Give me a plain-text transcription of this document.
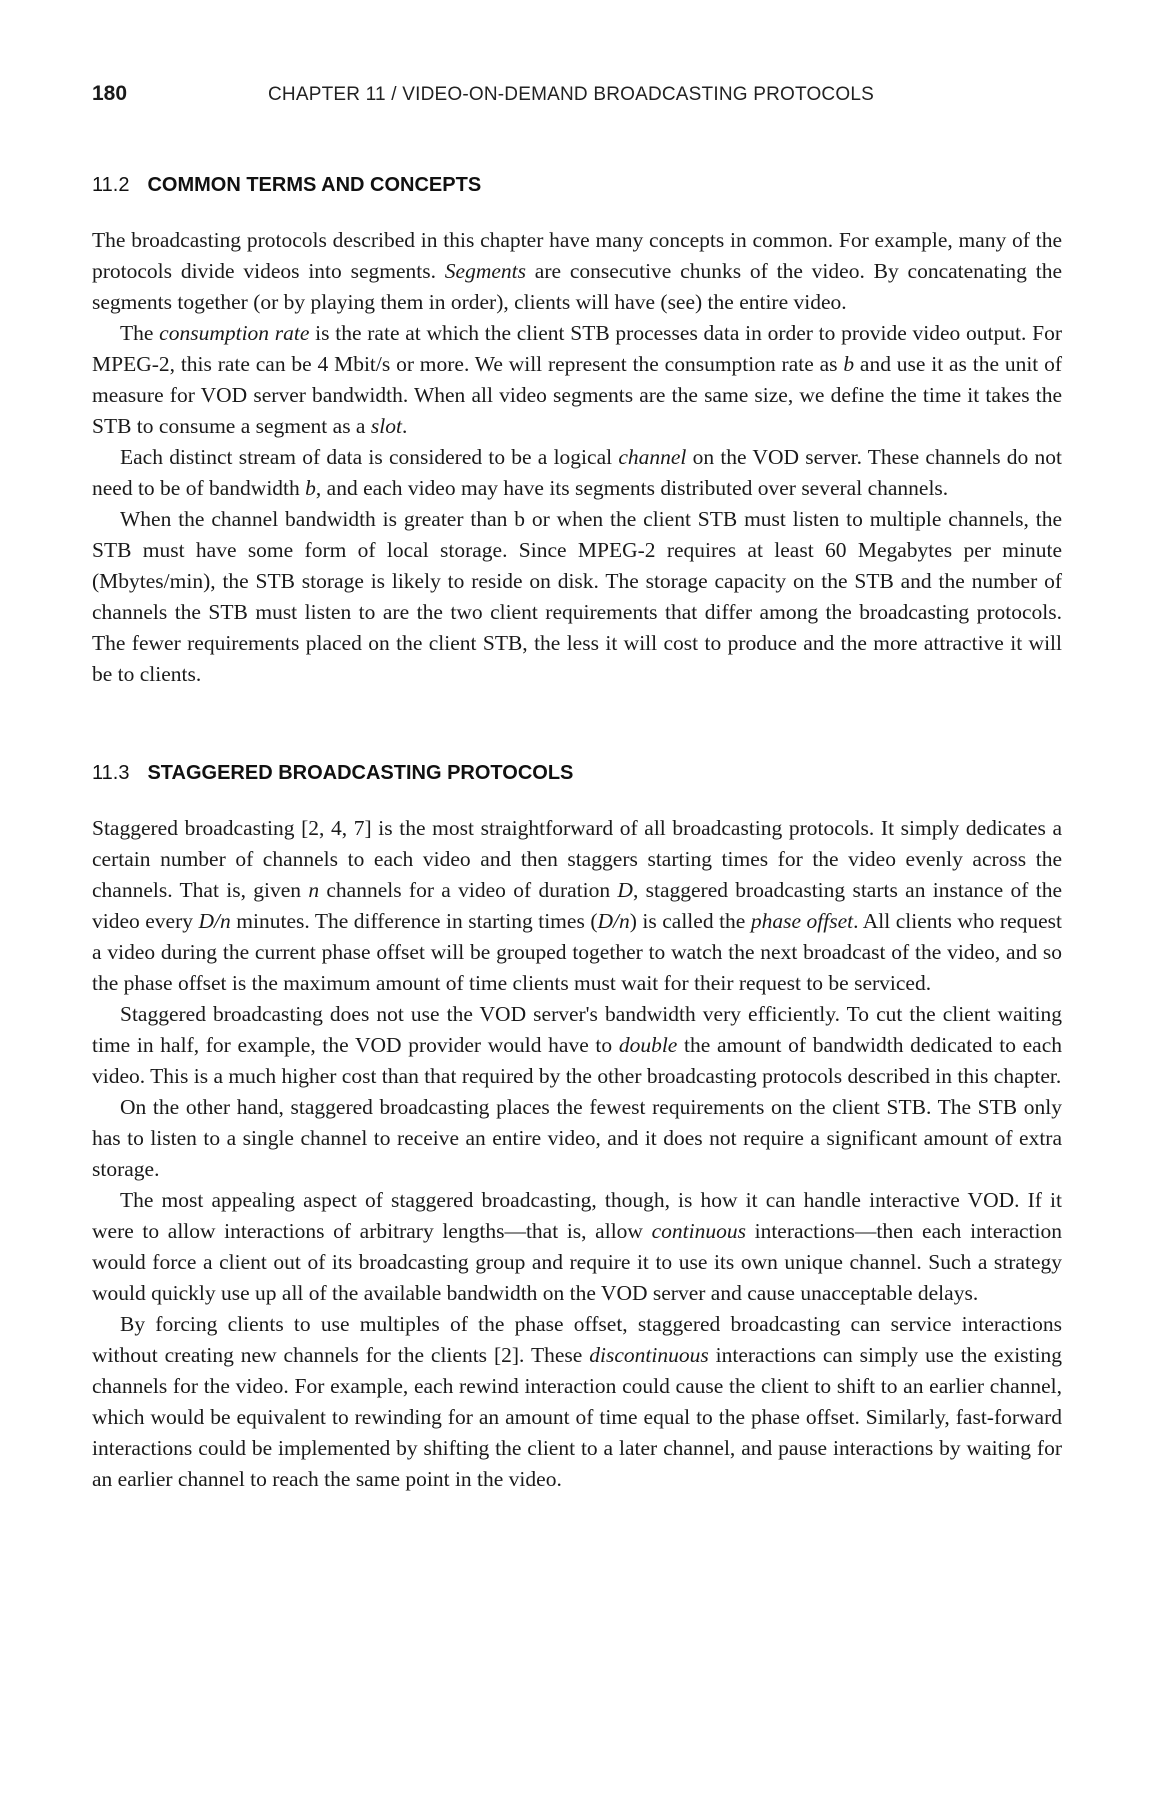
180	CHAPTER 11 / VIDEO-ON-DEMAND BROADCASTING PROTOCOLS
11.2 COMMON TERMS AND CONCEPTS

The broadcasting protocols described in this chapter have many concepts in common. For example, many of the protocols divide videos into segments. Segments are consecutive chunks of the video. By concatenating the segments together (or by playing them in order), clients will have (see) the entire video.

The consumption rate is the rate at which the client STB processes data in order to provide video output. For MPEG-2, this rate can be 4 Mbit/s or more. We will represent the consumption rate as b and use it as the unit of measure for VOD server bandwidth. When all video segments are the same size, we define the time it takes the STB to consume a segment as a slot.

Each distinct stream of data is considered to be a logical channel on the VOD server. These channels do not need to be of bandwidth b, and each video may have its segments distributed over several channels.

When the channel bandwidth is greater than b or when the client STB must listen to multiple channels, the STB must have some form of local storage. Since MPEG-2 requires at least 60 Megabytes per minute (Mbytes/min), the STB storage is likely to reside on disk. The storage capacity on the STB and the number of channels the STB must listen to are the two client requirements that differ among the broadcasting protocols. The fewer requirements placed on the client STB, the less it will cost to produce and the more attractive it will be to clients.

11.3 STAGGERED BROADCASTING PROTOCOLS

Staggered broadcasting [2, 4, 7] is the most straightforward of all broadcasting protocols. It simply dedicates a certain number of channels to each video and then staggers starting times for the video evenly across the channels. That is, given n channels for a video of duration D, staggered broadcasting starts an instance of the video every D/n minutes. The difference in starting times (D/n) is called the phase offset. All clients who request a video during the current phase offset will be grouped together to watch the next broadcast of the video, and so the phase offset is the maximum amount of time clients must wait for their request to be serviced.

Staggered broadcasting does not use the VOD server's bandwidth very efficiently. To cut the client waiting time in half, for example, the VOD provider would have to double the amount of bandwidth dedicated to each video. This is a much higher cost than that required by the other broadcasting protocols described in this chapter.

On the other hand, staggered broadcasting places the fewest requirements on the client STB. The STB only has to listen to a single channel to receive an entire video, and it does not require a significant amount of extra storage.

The most appealing aspect of staggered broadcasting, though, is how it can handle interactive VOD. If it were to allow interactions of arbitrary lengths—that is, allow continuous interactions—then each interaction would force a client out of its broadcasting group and require it to use its own unique channel. Such a strategy would quickly use up all of the available bandwidth on the VOD server and cause unacceptable delays.

By forcing clients to use multiples of the phase offset, staggered broadcasting can service interactions without creating new channels for the clients [2]. These discontinuous interactions can simply use the existing channels for the video. For example, each rewind interaction could cause the client to shift to an earlier channel, which would be equivalent to rewinding for an amount of time equal to the phase offset. Similarly, fast-forward interactions could be implemented by shifting the client to a later channel, and pause interactions by waiting for an earlier channel to reach the same point in the video.
